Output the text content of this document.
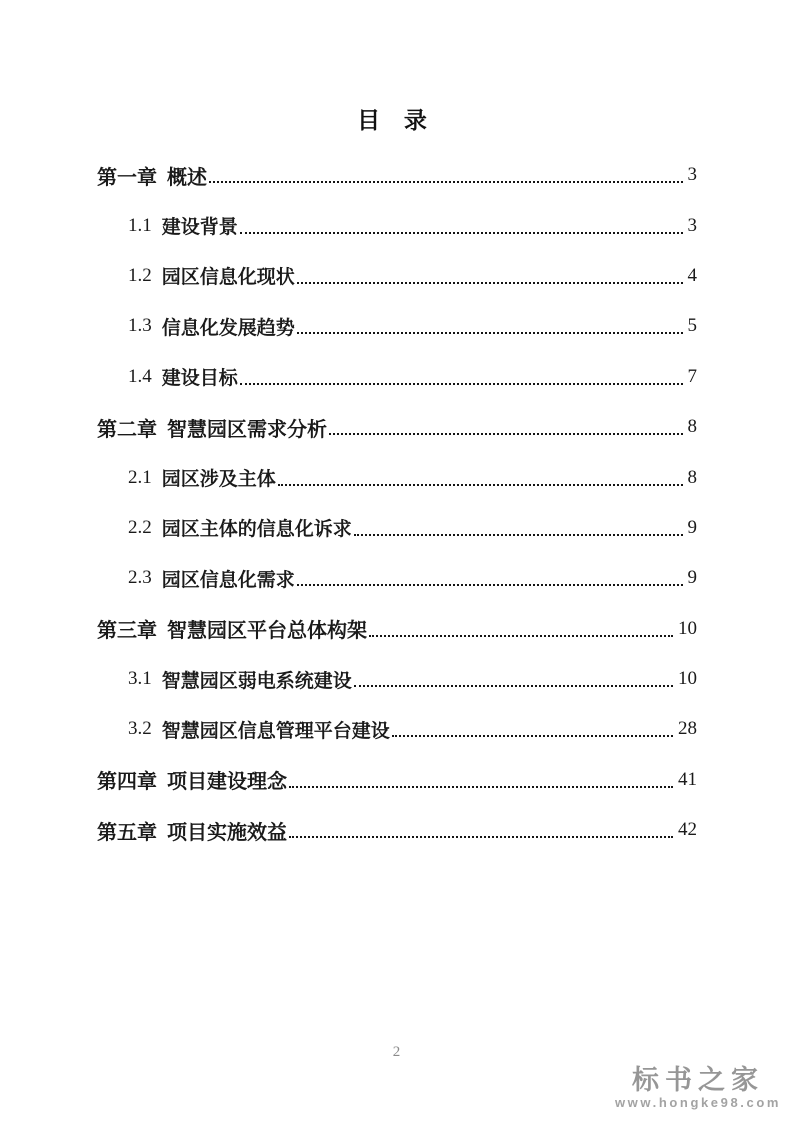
目 录
第一章 概述	3
1.1 建设背景	3
1.2 园区信息化现状	4
1.3 信息化发展趋势	5
1.4 建设目标	7
第二章 智慧园区需求分析	8
2.1 园区涉及主体	8
2.2 园区主体的信息化诉求	9
2.3 园区信息化需求	9
第三章 智慧园区平台总体构架	10
3.1 智慧园区弱电系统建设	10
3.2 智慧园区信息管理平台建设	28
第四章 项目建设理念	41
第五章 项目实施效益	42
2
标书之家
www.hongke98.com
